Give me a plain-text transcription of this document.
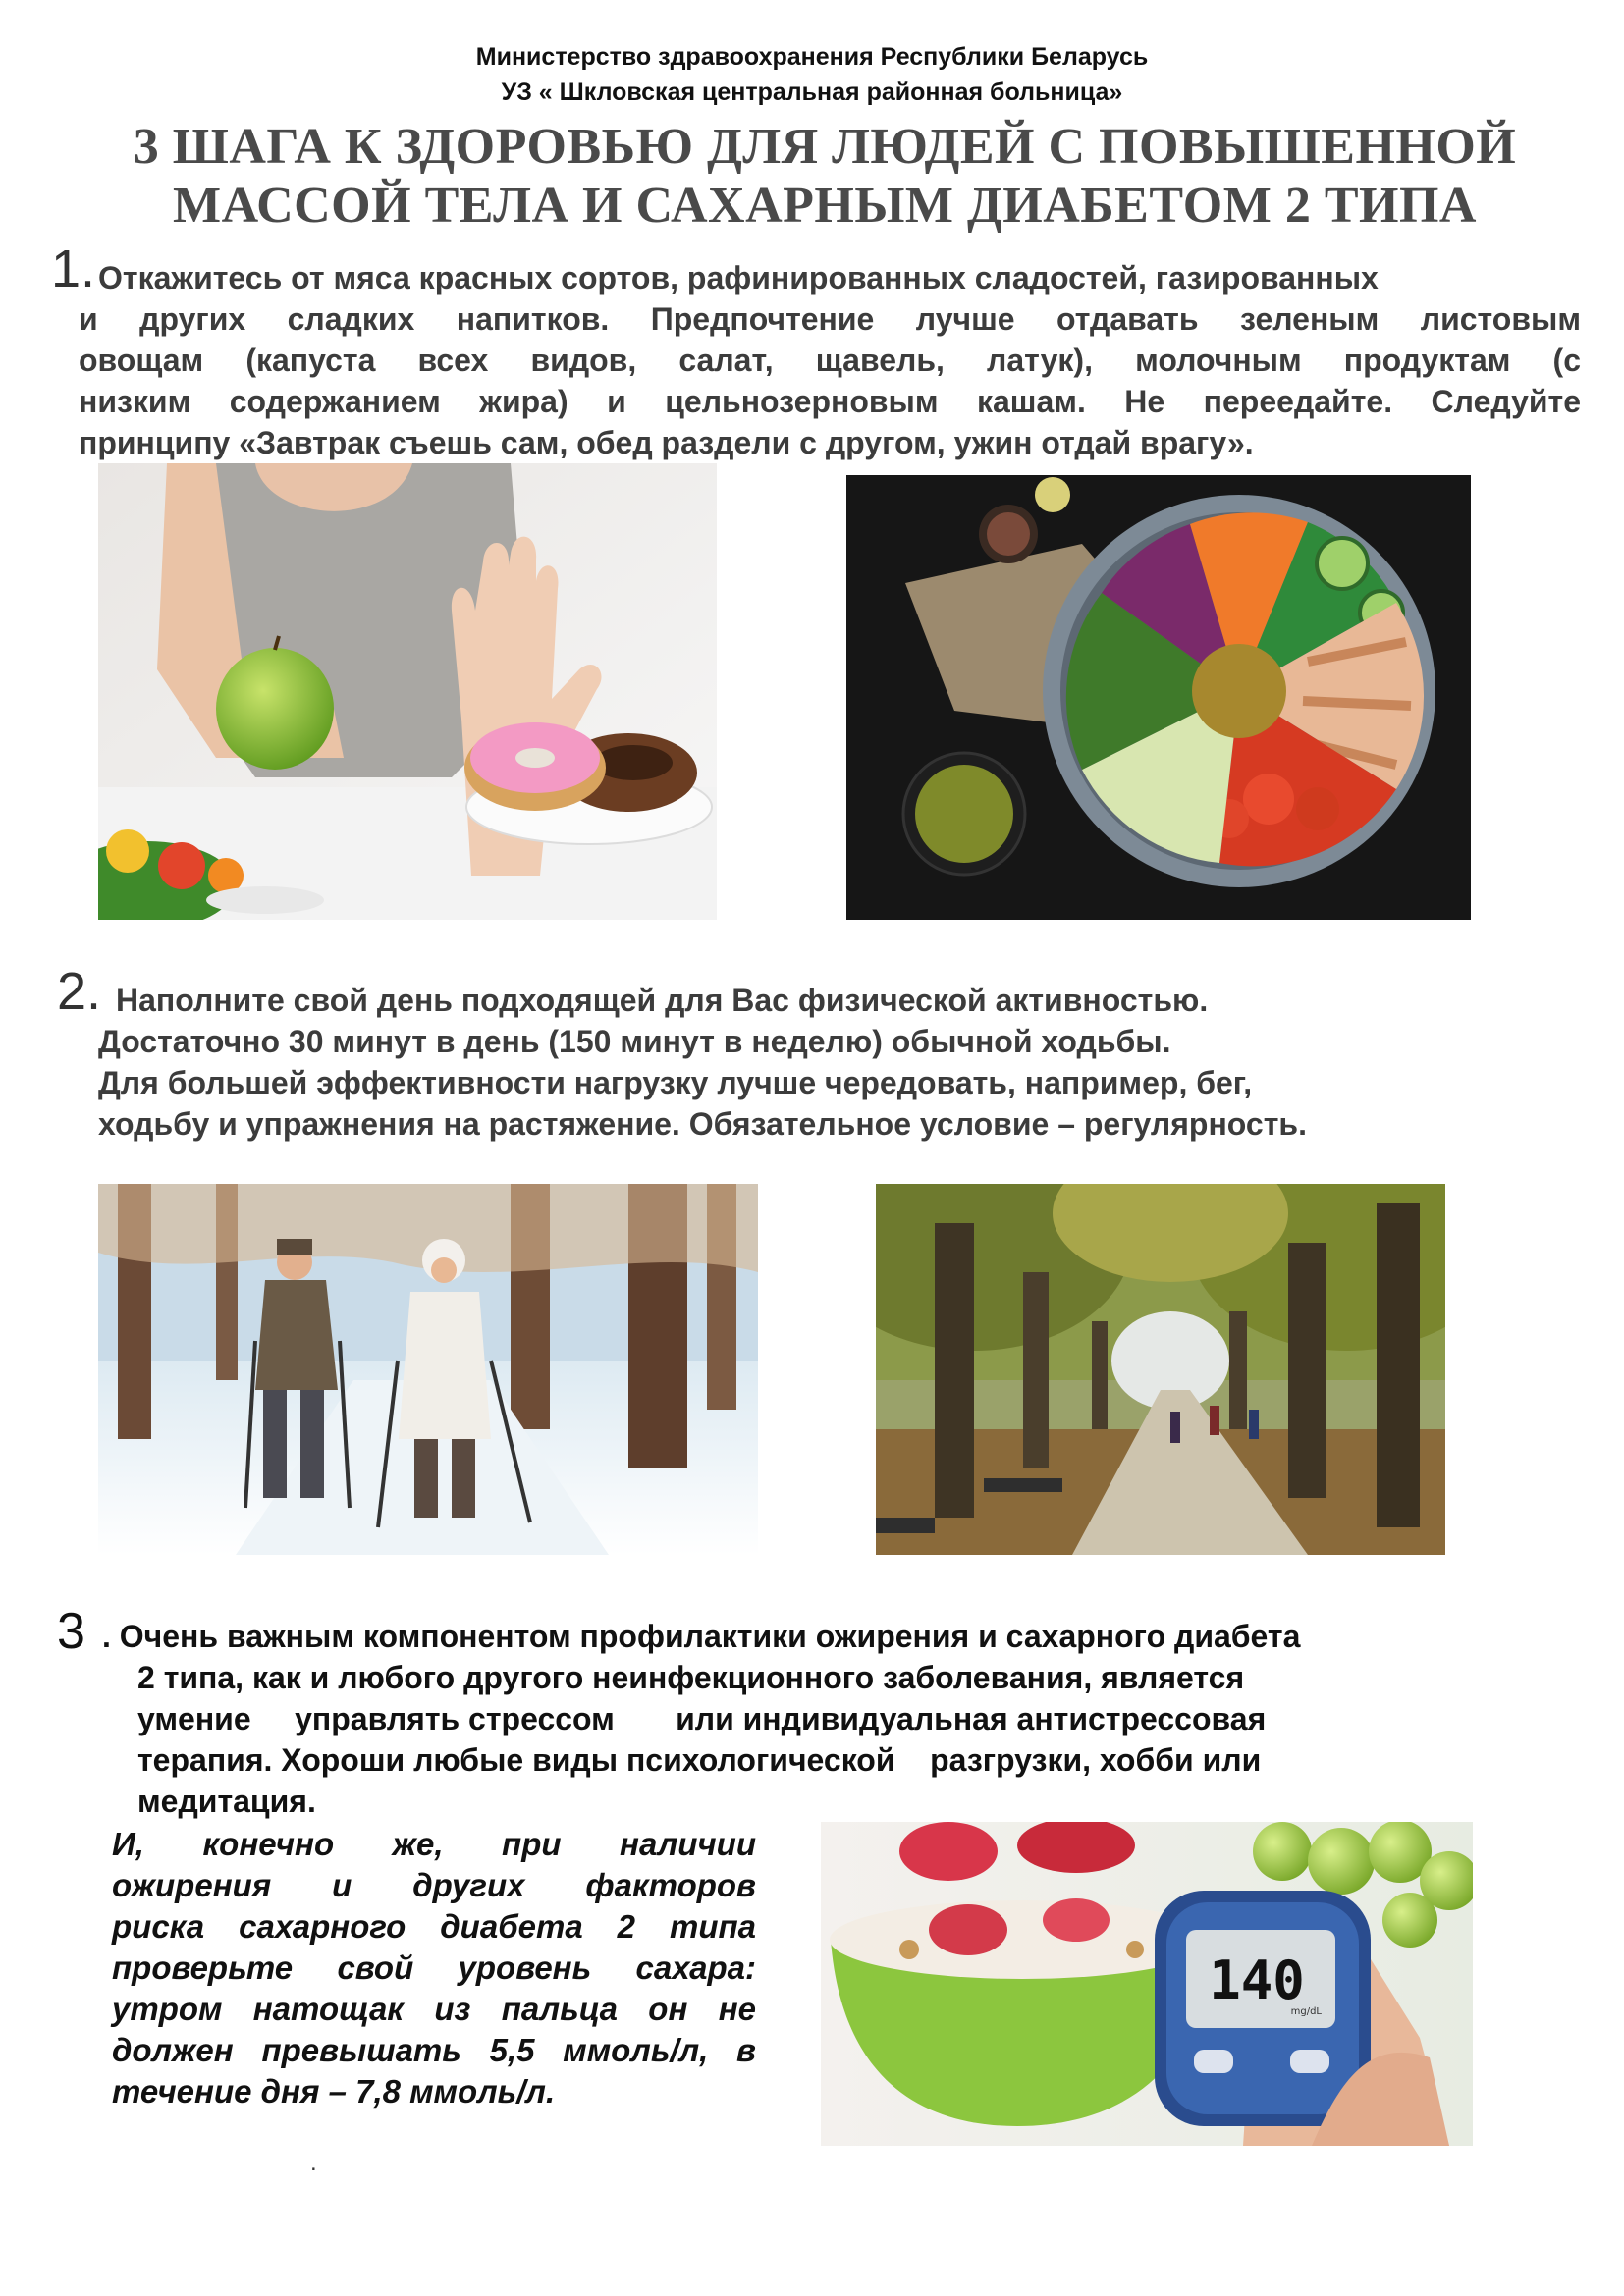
Министерство здравоохранения Республики Беларусь
УЗ « Шкловская центральная районная больница»
3 ШАГА К ЗДОРОВЬЮ ДЛЯ ЛЮДЕЙ С ПОВЫШЕННОЙ
МАССОЙ ТЕЛА И САХАРНЫМ ДИАБЕТОМ 2 ТИПА
1. Откажитесь от мяса красных сортов, рафинированных сладостей, газированных
и других сладких напитков. Предпочтение лучше отдавать зеленым листовым
овощам (капуста всех видов, салат, щавель, латук), молочным продуктам (с
низким содержанием жира) и цельнозерновым кашам. Не переедайте. Следуйте
принципу «Завтрак съешь сам, обед раздели с другом, ужин отдай врагу».
2. Наполните свой день подходящей для Вас физической активностью.
Достаточно 30 минут в день (150 минут в неделю) обычной ходьбы.
Для большей эффективности нагрузку лучше чередовать, например, бег,
ходьбу и упражнения на растяжение. Обязательное условие – регулярность.
3 . Очень важным компонентом профилактики ожирения и сахарного диабета
2 типа, как и любого другого неинфекционного заболевания, является
умение     управлять стрессом       или индивидуальная антистрессовая
терапия. Хороши любые виды психологической    разгрузки, хобби или
медитация.
И, конечно же, при наличии
ожирения и других факторов
риска сахарного диабета 2 типа
проверьте свой уровень сахара:
утром натощак из пальца он не
должен превышать 5,5 ммоль/л, в
течение дня – 7,8 ммоль/л.
140
mg/dL
.
